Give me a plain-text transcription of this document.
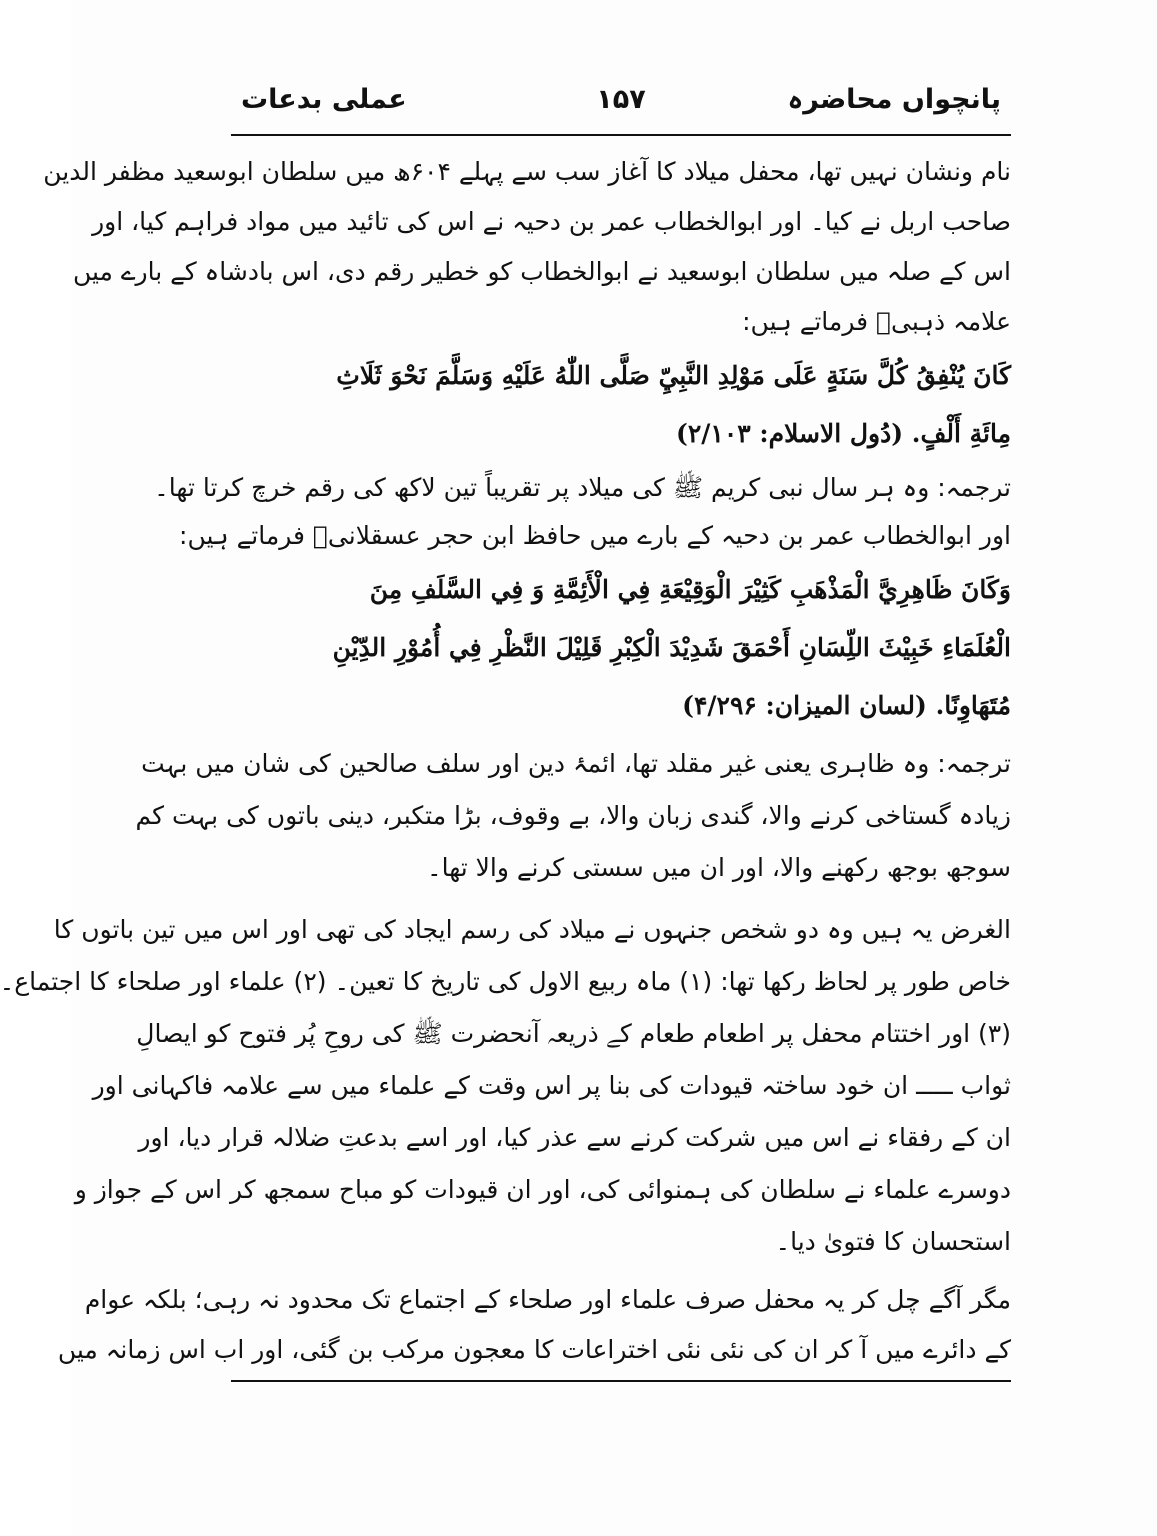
پانچواں محاضرہ
۱۵۷
عملی بدعات
نام ونشان نہیں تھا، محفل میلاد کا آغاز سب سے پہلے ۶۰۴ھ میں سلطان ابوسعید مظفر الدین
صاحب اربل نے کیا۔ اور ابوالخطاب عمر بن دحیہ نے اس کی تائید میں مواد فراہم کیا، اور
اس کے صلہ میں سلطان ابوسعید نے ابوالخطاب کو خطیر رقم دی، اس بادشاہ کے بارے میں
علامہ ذہبیؒ فرماتے ہیں:
كَانَ يُنْفِقُ كُلَّ سَنَةٍ عَلَى مَوْلِدِ النَّبِيِّ صَلَّى اللّٰهُ عَلَيْهِ وَسَلَّمَ نَحْوَ ثَلَاثِ
مِائَةِ أَلْفٍ. (دُول الاسلام: ۲/۱۰۳)
ترجمہ: وہ ہر سال نبی کریم ﷺ کی میلاد پر تقریباً تین لاکھ کی رقم خرچ کرتا تھا۔
اور ابوالخطاب عمر بن دحیہ کے بارے میں حافظ ابن حجر عسقلانیؒ فرماتے ہیں:
وَكَانَ ظَاهِرِيَّ الْمَذْهَبِ كَثِيْرَ الْوَقِيْعَةِ فِي الْأَئِمَّةِ وَ فِي السَّلَفِ مِنَ
الْعُلَمَاءِ خَبِيْثَ اللِّسَانِ أَحْمَقَ شَدِيْدَ الْكِبْرِ قَلِيْلَ النَّظْرِ فِي أُمُوْرِ الدِّيْنِ
مُتَهَاوِنًا. (لسان الميزان: ۴/۲۹۶)
ترجمہ: وہ ظاہری یعنی غیر مقلد تھا، ائمۂ دین اور سلف صالحین کی شان میں بہت
زیادہ گستاخی کرنے والا، گندی زبان والا، بے وقوف، بڑا متکبر، دینی باتوں کی بہت کم
سوجھ بوجھ رکھنے والا، اور ان میں سستی کرنے والا تھا۔
الغرض یہ ہیں وہ دو شخص جنہوں نے میلاد کی رسم ایجاد کی تھی اور اس میں تین باتوں کا
خاص طور پر لحاظ رکھا تھا: (۱) ماہ ربیع الاول کی تاریخ کا تعین۔ (۲) علماء اور صلحاء کا اجتماع۔
(۳) اور اختتام محفل پر اطعام طعام کے ذریعہ آنحضرت ﷺ کی روحِ پُر فتوح کو ایصالِ
ثواب ـــــ ان خود ساختہ قیودات کی بنا پر اس وقت کے علماء میں سے علامہ فاکہانی اور
ان کے رفقاء نے اس میں شرکت کرنے سے عذر کیا، اور اسے بدعتِ ضلالہ قرار دیا، اور
دوسرے علماء نے سلطان کی ہمنوائی کی، اور ان قیودات کو مباح سمجھ کر اس کے جواز و
استحسان کا فتویٰ دیا۔
مگر آگے چل کر یہ محفل صرف علماء اور صلحاء کے اجتماع تک محدود نہ رہی؛ بلکہ عوام
کے دائرے میں آ کر ان کی نئی نئی اختراعات کا معجون مرکب بن گئی، اور اب اس زمانہ میں
